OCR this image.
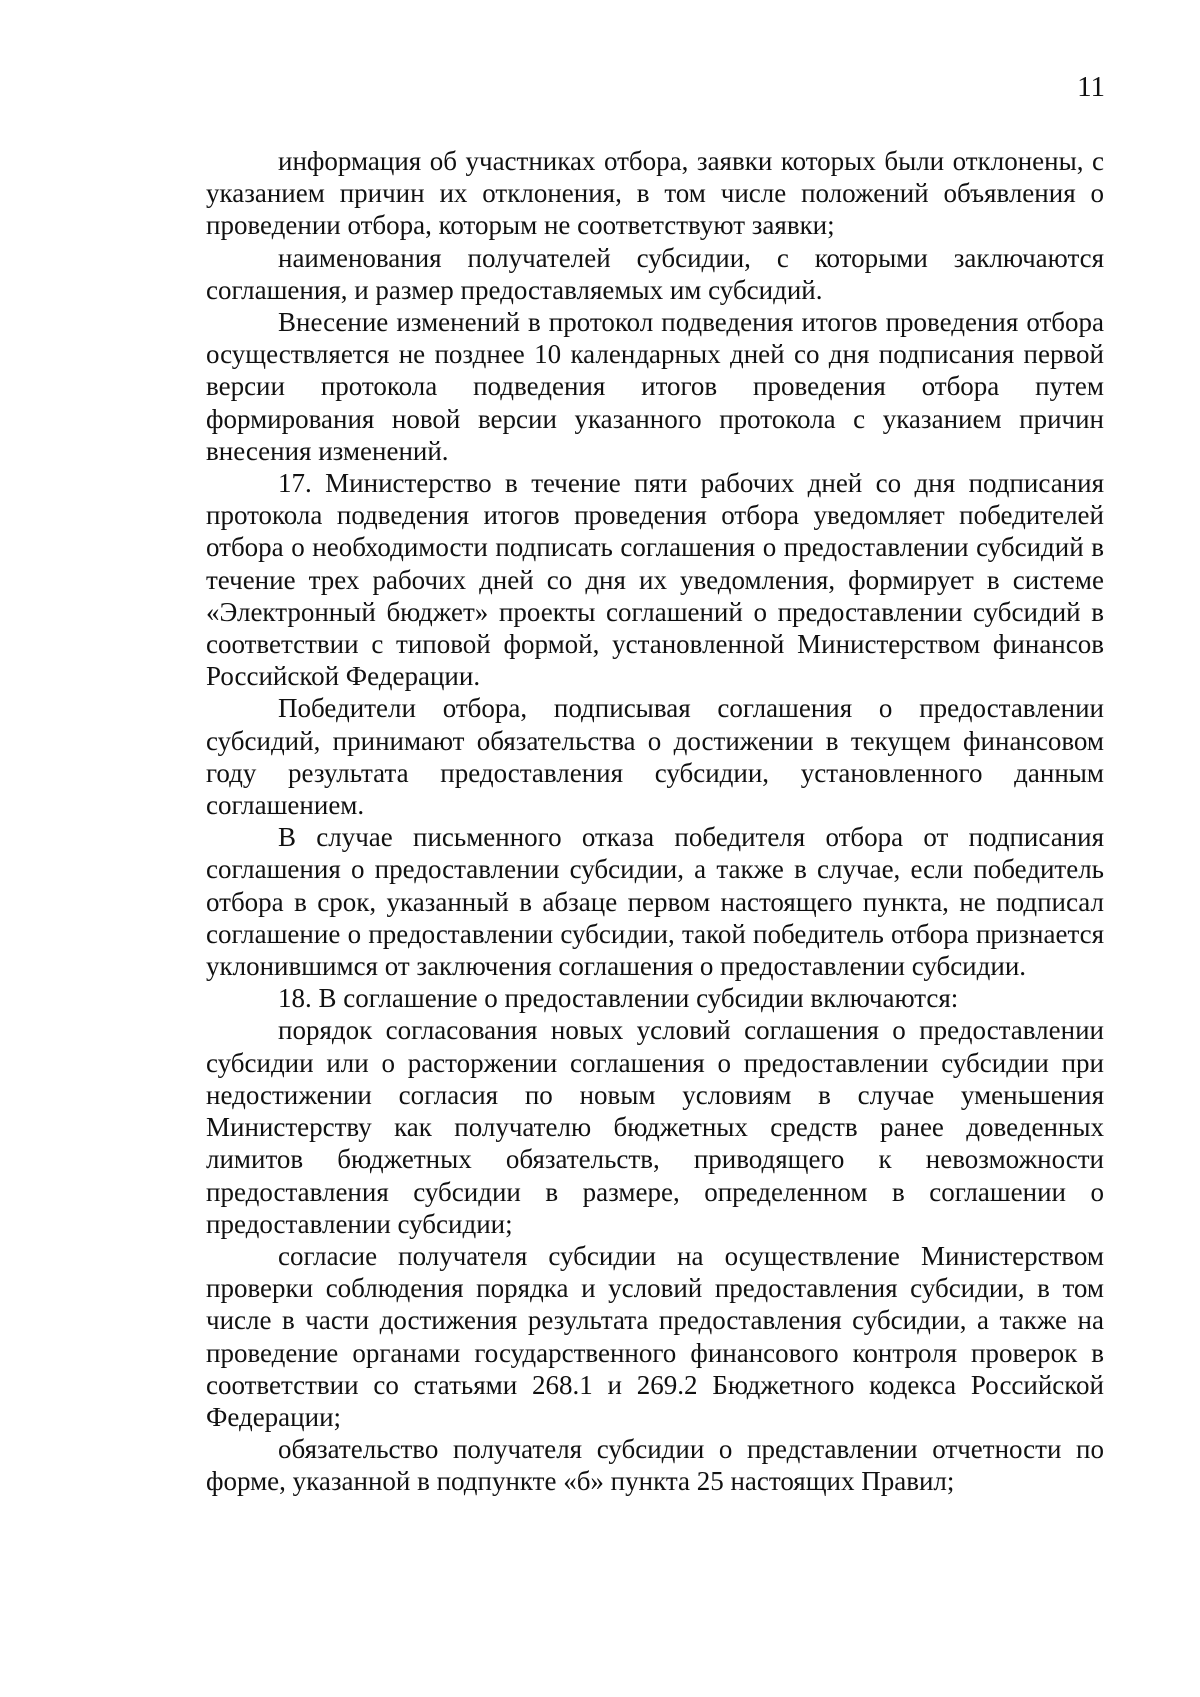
11

информация об участниках отбора, заявки которых были отклонены, с указанием причин их отклонения, в том числе положений объявления о проведении отбора, которым не соответствуют заявки;

наименования получателей субсидии, с которыми заключаются соглашения, и размер предоставляемых им субсидий.

Внесение изменений в протокол подведения итогов проведения отбора осуществляется не позднее 10 календарных дней со дня подписания первой версии протокола подведения итогов проведения отбора путем формирования новой версии указанного протокола с указанием причин внесения изменений.

17. Министерство в течение пяти рабочих дней со дня подписания протокола подведения итогов проведения отбора уведомляет победителей отбора о необходимости подписать соглашения о предоставлении субсидий в течение трех рабочих дней со дня их уведомления, формирует в системе «Электронный бюджет» проекты соглашений о предоставлении субсидий в соответствии с типовой формой, установленной Министерством финансов Российской Федерации.

Победители отбора, подписывая соглашения о предоставлении субсидий, принимают обязательства о достижении в текущем финансовом году результата предоставления субсидии, установленного данным соглашением.

В случае письменного отказа победителя отбора от подписания соглашения о предоставлении субсидии, а также в случае, если победитель отбора в срок, указанный в абзаце первом настоящего пункта, не подписал соглашение о предоставлении субсидии, такой победитель отбора признается уклонившимся от заключения соглашения о предоставлении субсидии.

18. В соглашение о предоставлении субсидии включаются:

порядок согласования новых условий соглашения о предоставлении субсидии или о расторжении соглашения о предоставлении субсидии при недостижении согласия по новым условиям в случае уменьшения Министерству как получателю бюджетных средств ранее доведенных лимитов бюджетных обязательств, приводящего к невозможности предоставления субсидии в размере, определенном в соглашении о предоставлении субсидии;

согласие получателя субсидии на осуществление Министерством проверки соблюдения порядка и условий предоставления субсидии, в том числе в части достижения результата предоставления субсидии, а также на проведение органами государственного финансового контроля проверок в соответствии со статьями 268.1 и 269.2 Бюджетного кодекса Российской Федерации;

обязательство получателя субсидии о представлении отчетности по форме, указанной в подпункте «б» пункта 25 настоящих Правил;
